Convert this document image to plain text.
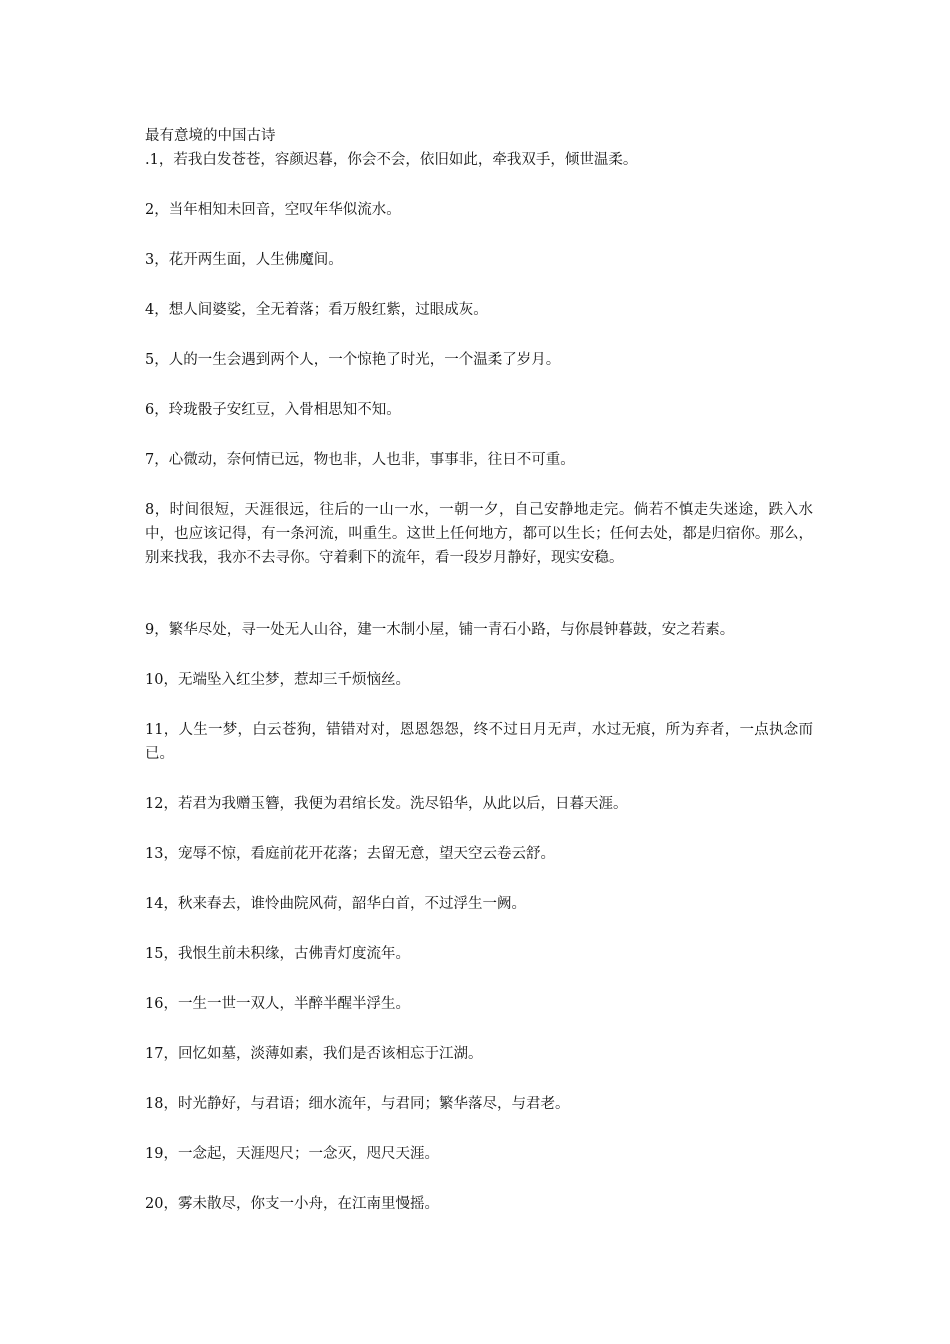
最有意境的中国古诗

.1，若我白发苍苍，容颜迟暮，你会不会，依旧如此，牵我双手，倾世温柔。

2，当年相知未回音，空叹年华似流水。

3，花开两生面，人生佛魔间。

4，想人间婆娑，全无着落；看万般红紫，过眼成灰。

5，人的一生会遇到两个人，一个惊艳了时光，一个温柔了岁月。

6，玲珑骰子安红豆，入骨相思知不知。

7，心微动，奈何情已远，物也非，人也非，事事非，往日不可重。

8，时间很短，天涯很远，往后的一山一水，一朝一夕，自己安静地走完。倘若不慎走失迷途，跌入水中，也应该记得，有一条河流，叫重生。这世上任何地方，都可以生长；任何去处，都是归宿你。那么，别来找我，我亦不去寻你。守着剩下的流年，看一段岁月静好，现实安稳。

9，繁华尽处，寻一处无人山谷，建一木制小屋，铺一青石小路，与你晨钟暮鼓，安之若素。

10，无端坠入红尘梦，惹却三千烦恼丝。

11，人生一梦，白云苍狗，错错对对，恩恩怨怨，终不过日月无声，水过无痕，所为弃者，一点执念而已。

12，若君为我赠玉簪，我便为君绾长发。洗尽铅华，从此以后，日暮天涯。

13，宠辱不惊，看庭前花开花落；去留无意，望天空云卷云舒。

14，秋来春去，谁怜曲院风荷，韶华白首，不过浮生一阙。

15，我恨生前未积缘，古佛青灯度流年。

16，一生一世一双人，半醉半醒半浮生。

17，回忆如墓，淡薄如素，我们是否该相忘于江湖。

18，时光静好，与君语；细水流年，与君同；繁华落尽，与君老。

19，一念起，天涯咫尺；一念灭，咫尺天涯。

20，雾未散尽，你支一小舟，在江南里慢摇。
